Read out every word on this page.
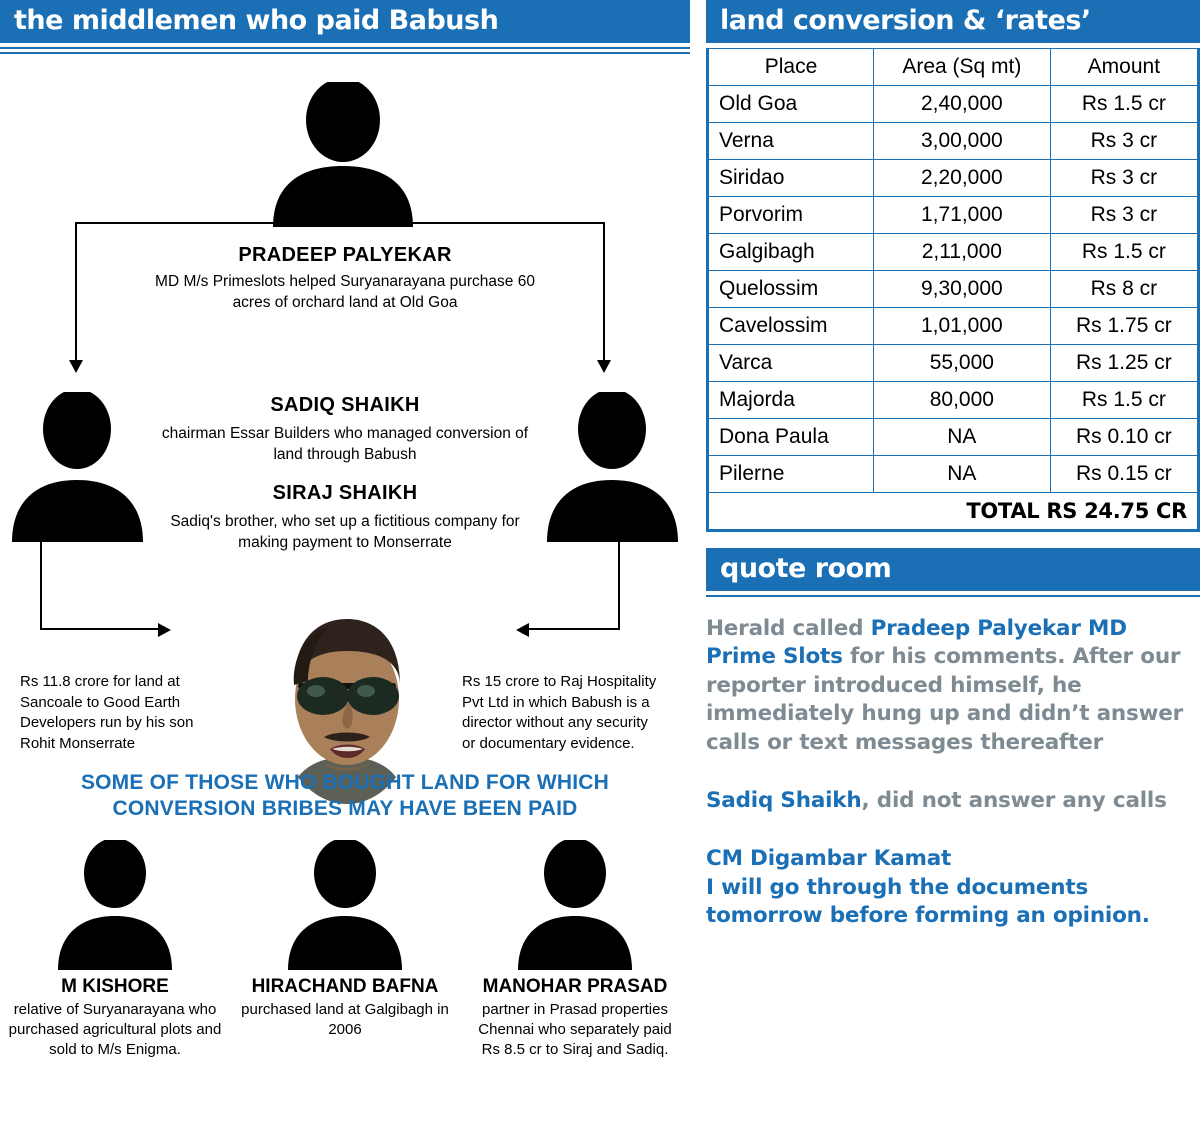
the middlemen who paid Babush
PRADEEP PALYEKAR
MD M/s Primeslots helped Suryanarayana purchase 60 acres of orchard land at Old Goa
SADIQ SHAIKH
chairman Essar Builders who managed conversion of land through Babush
SIRAJ SHAIKH
Sadiq's brother, who set up a fictitious company for making payment to Monserrate
Rs 11.8 crore for land at Sancoale to Good Earth Developers run by his son Rohit Monserrate
Rs 15 crore to Raj Hospitality Pvt Ltd in which Babush is a director without any security or documentary evidence.
SOME OF THOSE WHO BOUGHT LAND FOR WHICH CONVERSION BRIBES MAY HAVE BEEN PAID
M KISHORE
relative of Suryanarayana who purchased agricultural plots and sold to M/s Enigma.
HIRACHAND BAFNA
purchased land at Galgibagh in 2006
MANOHAR PRASAD
partner in Prasad properties Chennai who separately paid Rs 8.5 cr to Siraj and Sadiq.
land conversion & ‘rates’
Place	Area (Sq mt)	Amount
Old Goa	2,40,000	Rs 1.5 cr
Verna	3,00,000	Rs 3 cr
Siridao	2,20,000	Rs 3 cr
Porvorim	1,71,000	Rs 3 cr
Galgibagh	2,11,000	Rs 1.5 cr
Quelossim	9,30,000	Rs 8 cr
Cavelossim	1,01,000	Rs 1.75 cr
Varca	55,000	Rs 1.25 cr
Majorda	80,000	Rs 1.5 cr
Dona Paula	NA	Rs 0.10 cr
Pilerne	NA	Rs 0.15 cr
TOTAL RS 24.75 CR		
quote room
Herald called Pradeep Palyekar MD Prime Slots for his comments. After our reporter introduced himself, he immediately hung up and didn’t answer calls or text messages thereafter
Sadiq Shaikh, did not answer any calls
CM Digambar Kamat
I will go through the documents tomorrow before forming an opinion.
